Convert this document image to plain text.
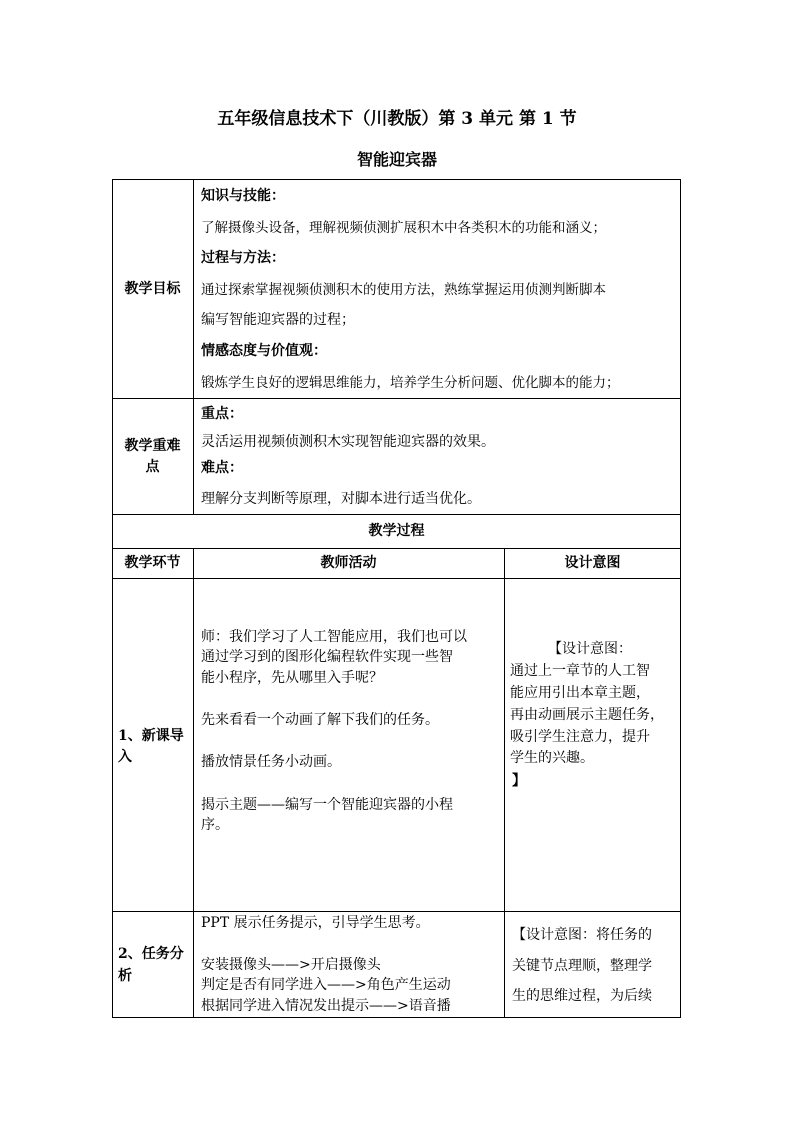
五年级信息技术下（川教版）第 3 单元 第 1 节
智能迎宾器
教学目标
知识与技能：
了解摄像头设备，理解视频侦测扩展积木中各类积木的功能和涵义；
过程与方法：
通过探索掌握视频侦测积木的使用方法，熟练掌握运用侦测判断脚本
编写智能迎宾器的过程；
情感态度与价值观：
锻炼学生良好的逻辑思维能力，培养学生分析问题、优化脚本的能力；
教学重难
点
重点：
灵活运用视频侦测积木实现智能迎宾器的效果。
难点：
理解分支判断等原理，对脚本进行适当优化。
教学过程
教学环节	教师活动	设计意图
1、新课导
入
师：我们学习了人工智能应用，我们也可以
通过学习到的图形化编程软件实现一些智
能小程序，先从哪里入手呢？
先来看看一个动画了解下我们的任务。
播放情景任务小动画。
揭示主题——编写一个智能迎宾器的小程
序。
【设计意图：
通过上一章节的人工智
能应用引出本章主题，
再由动画展示主题任务，
吸引学生注意力，提升
学生的兴趣。
】
2、任务分
析
PPT 展示任务提示，引导学生思考。
安装摄像头——>开启摄像头
判定是否有同学进入——>角色产生运动
根据同学进入情况发出提示——>语音播
【设计意图：将任务的
关键节点理顺，整理学
生的思维过程，为后续
